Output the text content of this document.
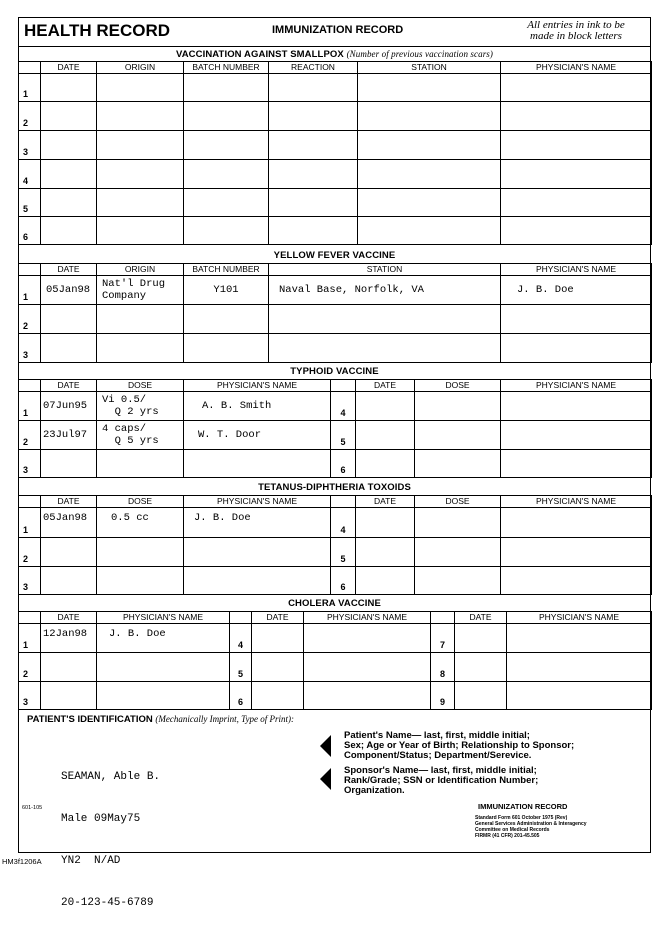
HEALTH RECORD	IMMUNIZATION RECORD	All entries in ink to be
made in block letters
VACCINATION AGAINST SMALLPOX (Number of previous vaccination scars)
	DATE	ORIGIN	BATCH NUMBER	REACTION	STATION	PHYSICIAN'S NAME
1						
2						
3						
4						
5						
6						
YELLOW FEVER VACCINE
	DATE	ORIGIN	BATCH NUMBER	STATION	PHYSICIAN'S NAME
1	05Jan98	Nat'l Drug
Company	Y101	Naval Base, Norfolk, VA	J. B. Doe
2					
3					
TYPHOID VACCINE
	DATE	DOSE	PHYSICIAN'S NAME		DATE	DOSE	PHYSICIAN'S NAME
1	07Jun95	Vi 0.5/
Q 2 yrs	A. B. Smith	4			
2	23Jul97	4 caps/
Q 5 yrs	W. T. Door	5			
3				6			
TETANUS-DIPHTHERIA TOXOIDS
	DATE	DOSE	PHYSICIAN'S NAME		DATE	DOSE	PHYSICIAN'S NAME
1	05Jan98	0.5 cc	J. B. Doe	4			
2				5			
3				6			
CHOLERA VACCINE
	DATE	PHYSICIAN'S NAME		DATE	PHYSICIAN'S NAME		DATE	PHYSICIAN'S NAME
1	12Jan98	J. B. Doe	4			7		
2			5			8		
3			6			9		
PATIENT'S IDENTIFICATION (Mechanically Imprint, Type of Print):

SEAMAN, Able B.

Male 09May75

YN2  N/AD

20-123-45-6789

Patient's Name— last, first, middle initial;
Sex; Age or Year of Birth; Relationship to Sponsor;
Component/Status; Department/Serevice.
Sponsor's Name— last, first, middle initial;
Rank/Grade; SSN or Identification Number;
Organization.
601-105	IMMUNIZATION RECORD
Standard Form 601 October 1975 (Rev)
General Services Administration & Interagency
Committee on Medical Records
FIRMR (41 CFR) 201-45.505
HM3f1206A
